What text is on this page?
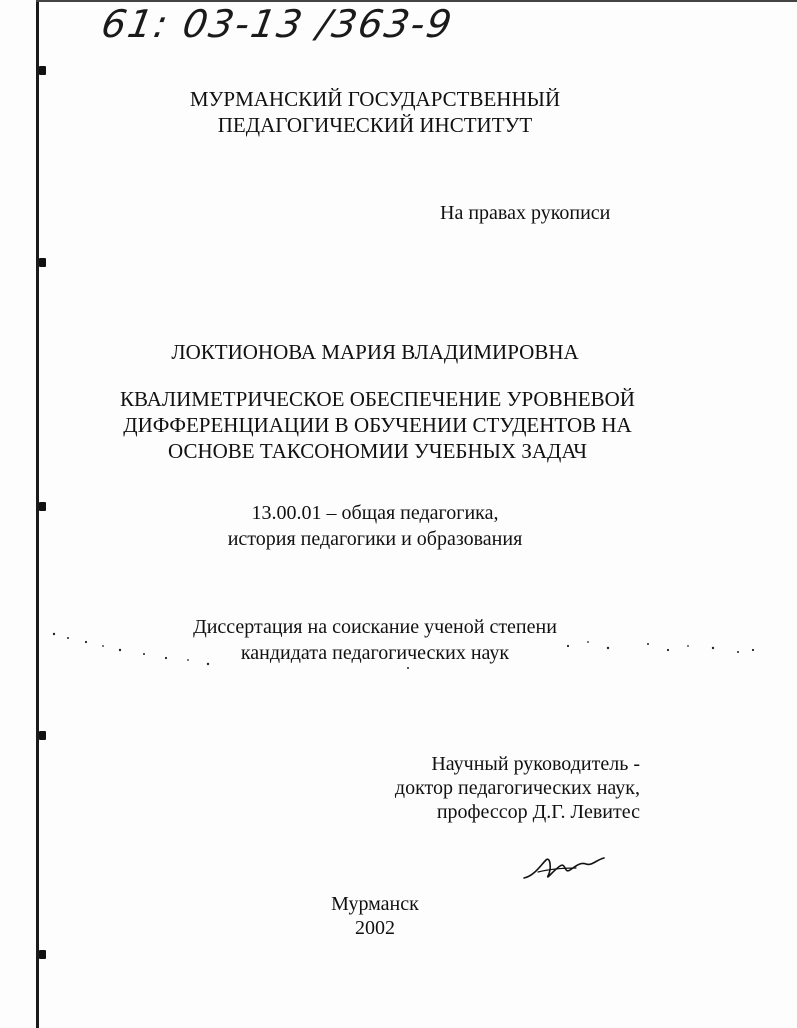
61: 03-13 /363-9
МУРМАНСКИЙ ГОСУДАРСТВЕННЫЙ
ПЕДАГОГИЧЕСКИЙ ИНСТИТУТ
На правах рукописи
ЛОКТИОНОВА МАРИЯ ВЛАДИМИРОВНА
КВАЛИМЕТРИЧЕСКОЕ ОБЕСПЕЧЕНИЕ УРОВНЕВОЙ
ДИФФЕРЕНЦИАЦИИ В ОБУЧЕНИИ СТУДЕНТОВ НА
ОСНОВЕ ТАКСОНОМИИ УЧЕБНЫХ ЗАДАЧ
13.00.01 – общая педагогика,
история педагогики и образования
Диссертация на соискание ученой степени
кандидата педагогических наук
Научный руководитель -
доктор педагогических наук,
профессор Д.Г. Левитес
Мурманск
2002
